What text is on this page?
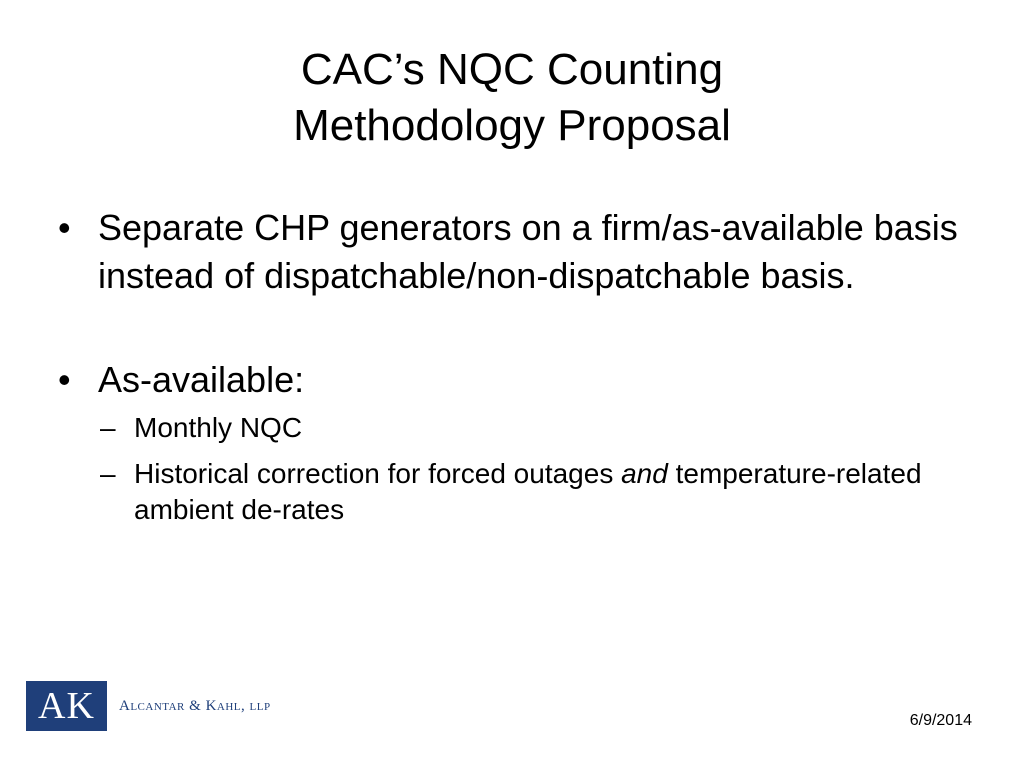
CAC’s NQC Counting
Methodology Proposal
• Separate CHP generators on a firm/as-available basis instead of dispatchable/non-dispatchable basis.
• As-available:
– Monthly NQC
– Historical correction for forced outages and temperature-related ambient de-rates
AK	Alcantar & Kahl, llp
6/9/2014
